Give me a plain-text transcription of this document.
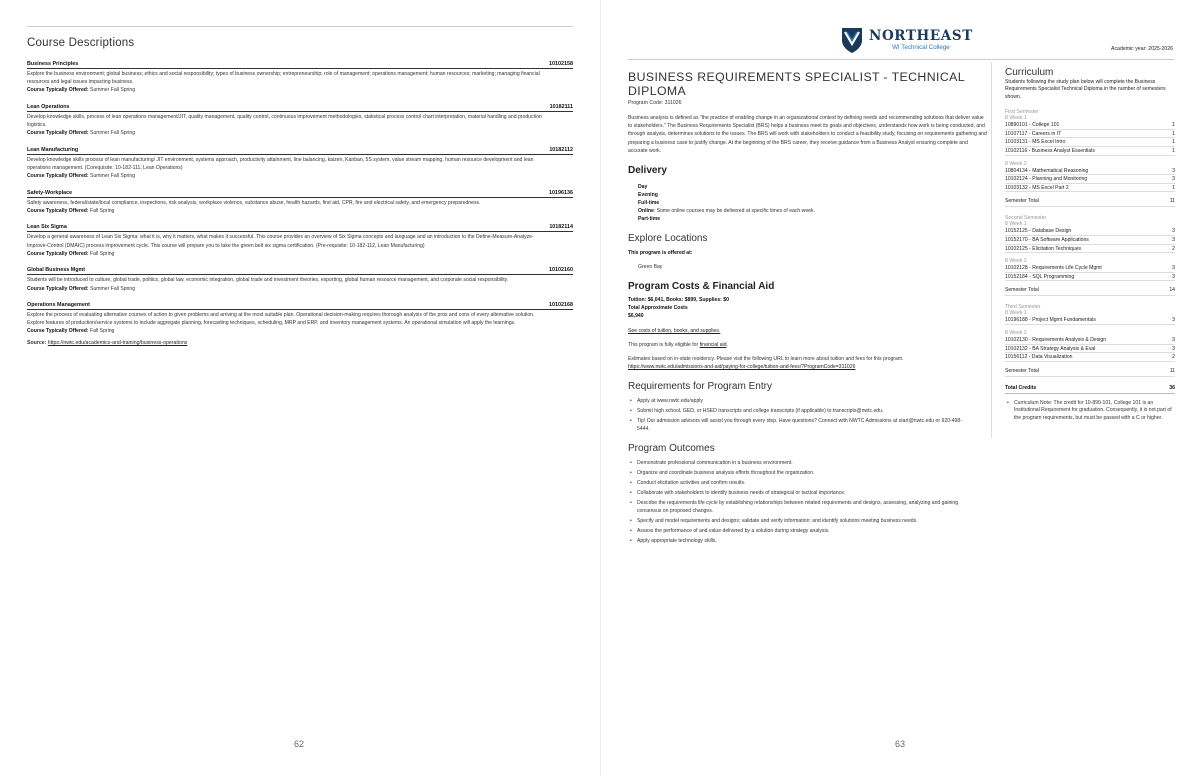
Course Descriptions
Business Principles	10102158
Explore the business environment; global business; ethics and social responsibility; types of business ownership; entrepreneurship; role of management; operations management; human resources; marketing; managing financial resources and legal issues impacting business.
Course Typically Offered: Summer Fall Spring
Lean Operations	10182111
Develop knowledge skills, process of lean operations management/JIT, quality management, quality control, continuous improvement methodologies, statistical process control chart interpretation, material handling and production logistics.
Course Typically Offered: Summer Fall Spring
Lean Manufacturing	10182112
Develop knowledge skills process of lean manufacturing/ JIT environment, systems approach, productivity attainment, line balancing, kaizen, Kanban, 5S system, value stream mapping, human resource development and lean operations management. (Corequisite: 10-182-111, Lean Operations)
Course Typically Offered: Summer Fall Spring
Safety-Workplace	10196136
Safety awareness, federal/state/local compliance, inspections, risk analysis, workplace violence, substance abuse, health hazards, first aid, CPR, fire and electrical safety, and emergency preparedness.
Course Typically Offered: Fall Spring
Lean Six Sigma	10182114
Develop a general awareness of Lean Six Sigma: what it is, why it matters, what makes it successful. This course provides an overview of Six Sigma concepts and language and an introduction to the Define-Measure-Analyze-Improve-Control (DMAIC) process improvement cycle. This course will prepare you to take the green belt six sigma certification. (Pre-requisite: 10-182-112, Lean Manufacturing)
Course Typically Offered: Fall Spring
Global Business Mgmt	10102160
Students will be introduced to culture, global trade, politics, global law, economic integration, global trade and investment theories, exporting, global human resource management, and corporate social responsibility.
Course Typically Offered: Summer Fall Spring
Operations Management	10102168
Explore the process of evaluating alternative courses of action to given problems and arriving at the most suitable plan. Operational decision-making requires thorough analysis of the pros and cons of every alternative solution. Explore features of production/service systems to include aggregate planning, forecasting techniques, scheduling, MRP and ERP, and inventory management systems. An operational simulation will apply the learnings.
Course Typically Offered: Fall Spring
Source: https://nwtc.edu/academics-and-training/business-operations
62
NORTHEAST
WI Technical College	Academic year: 2025-2026
BUSINESS REQUIREMENTS SPECIALIST - TECHNICAL DIPLOMA
Program Code: 311026
Business analysis is defined as "the practice of enabling change in an organizational context by defining needs and recommending solutions that deliver value to stakeholders." The Business Requirements Specialist (BRS) helps a business meet its goals and objectives, understands how work is being conducted, and through analysis, determines solutions to the issues. The BRS will work with stakeholders to conduct a feasibility study, focusing on requirements gathering and preparing a business case to justify change. At the beginning of the BRS career, they receive guidance from a Business Analyst ensuring complete and accurate work.
Delivery
Day
Evening
Full-time
Online: Some online courses may be delivered at specific times of each week.
Part-time
Explore Locations
This program is offered at:
Green Bay
Program Costs & Financial Aid
Tuition: $6,041, Books: $899, Supplies: $0
Total Approximate Costs
$6,940
See costs of tuition, books, and supplies.
This program is fully eligible for financial aid.
Estimates based on in-state residency. Please visit the following URL to learn more about tuition and fees for this program.
https://www.nwtc.edu/admissions-and-aid/paying-for-college/tuition-and-fees/?ProgramCode=311026
Requirements for Program Entry
• Apply at www.nwtc.edu/apply
• Submit high school, GED, or HSED transcripts and college transcripts (if applicable) to transcripts@nwtc.edu.
• Tip! Our admission advisors will assist you through every step. Have questions? Connect with NWTC Admissions at start@nwtc.edu or 920-498-5444.
Program Outcomes
• Demonstrate professional communication in a business environment.
• Organize and coordinate business analysis efforts throughout the organization.
• Conduct elicitation activities and confirm results.
• Collaborate with stakeholders to identify business needs of strategical or tactical importance.
• Describe the requirements life cycle by establishing relationships between related requirements and designs, assessing, analyzing and gaining consensus on proposed changes.
• Specify and model requirements and designs; validate and verify information; and identify solutions meeting business needs.
• Assess the performance of and value delivered by a solution during strategy analysis.
• Apply appropriate technology skills.
Curriculum
Students following the study plan below will complete the Business Requirements Specialist Technical Diploma in the number of semesters shown.
First Semester
8 Week 1
10890101 - College 101	1
10107117 - Careers in IT	1
10103131 - MS Excel Intro	1
10102116 - Business Analyst Essentials	1
8 Week 2
10804134 - Mathematical Reasoning	3
10102124 - Planning and Monitoring	3
10103132 - MS Excel Part 2	1
Semester Total	11
Second Semester
8 Week 1
10152125 - Database Design	3
10152170 - BA Software Applications	3
10102125 - Elicitation Techniques	2
8 Week 2
10102128 - Requirements Life Cycle Mgmt	3
10152184 - SQL Programming	3
Semester Total	14
Third Semester
8 Week 1
10196188 - Project Mgmt Fundamentals	3
8 Week 2
10102130 - Requirements Analysis & Design	3
10102132 - BA Strategy Analysis & Eval	3
10156112 - Data Visualization	2
Semester Total	11
Total Credits	36
• Curriculum Note: The credit for 10-890-101, College 101 is an Institutional Requirement for graduation. Consequently, it is not part of the program requirements, but must be passed with a C or higher.
63
